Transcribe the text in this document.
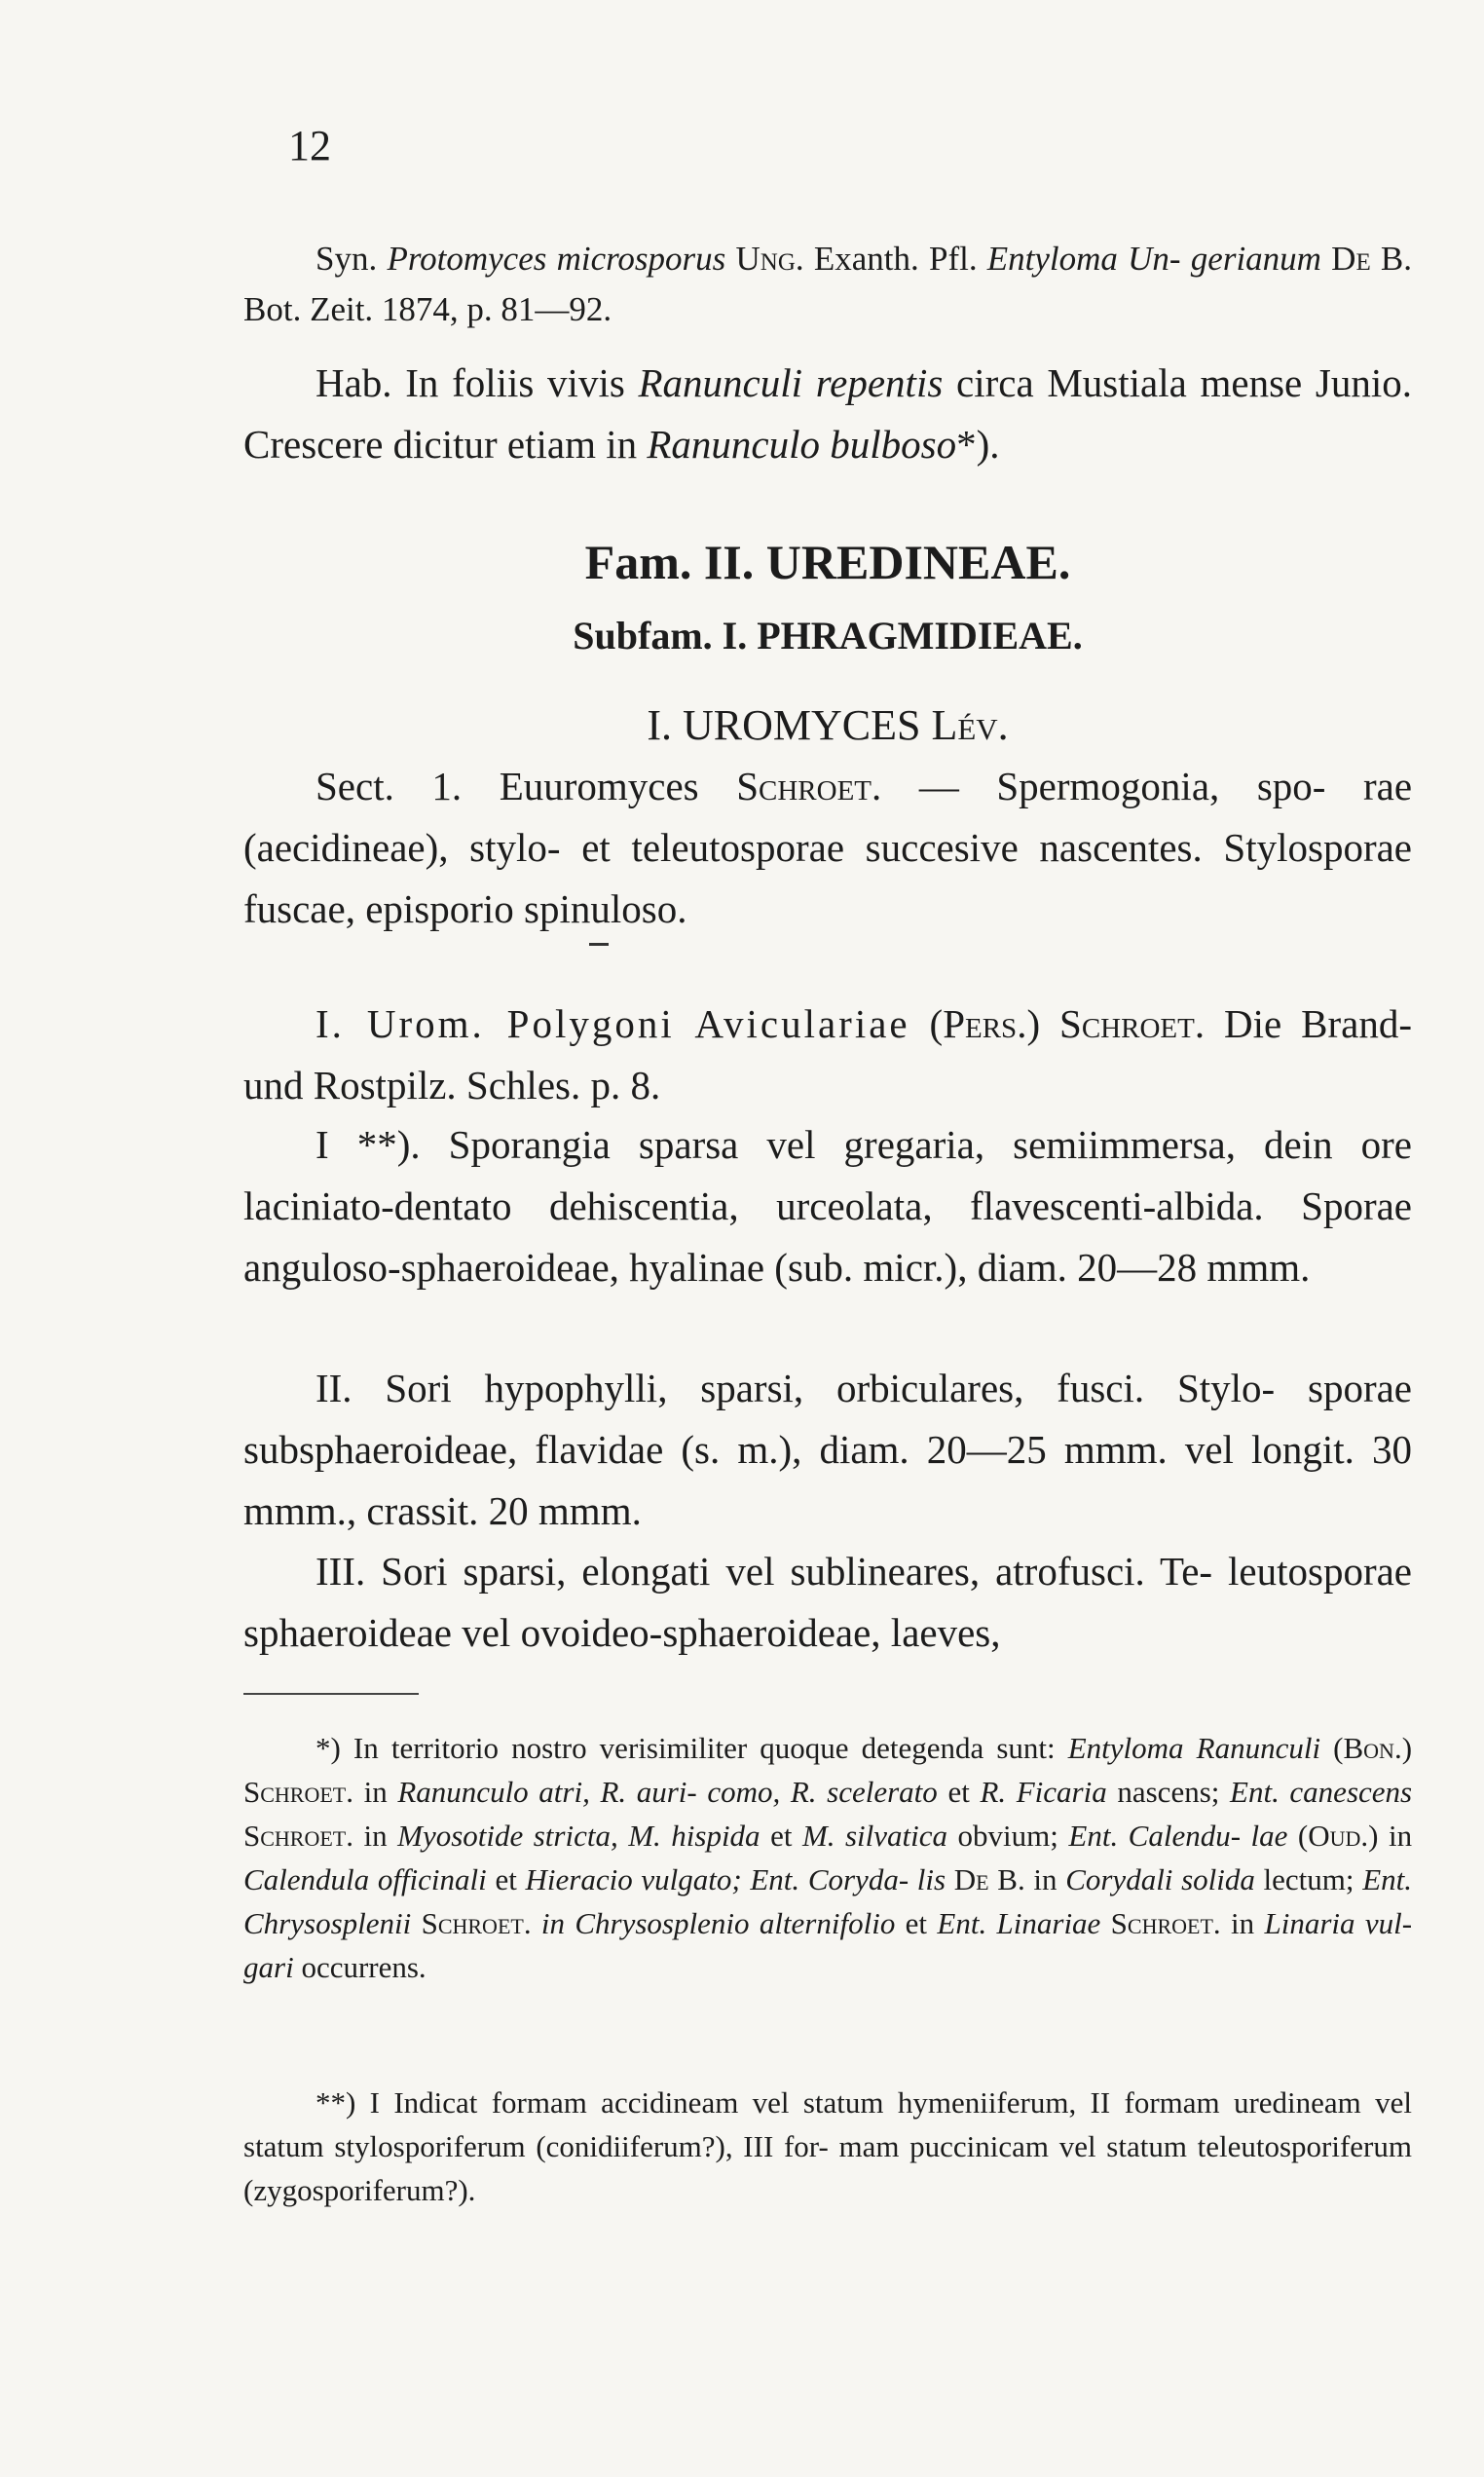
12
Syn. Protomyces microsporus Ung. Exanth. Pfl. Entyloma Un- gerianum De B. Bot. Zeit. 1874, p. 81—92.
Hab. In foliis vivis Ranunculi repentis circa Mustiala mense Junio. Crescere dicitur etiam in Ranunculo bulboso*).
Fam. II. UREDINEAE.
Subfam. I. PHRAGMIDIEAE.
I. UROMYCES Lév.
Sect. 1. Euuromyces Schroet. — Spermogonia, spo- rae (aecidineae), stylo- et teleutosporae succesive nascentes. Stylosporae fuscae, episporio spinuloso.
I. Urom. Polygoni Aviculariae (Pers.) Schroet. Die Brand- und Rostpilz. Schles. p. 8.
I **). Sporangia sparsa vel gregaria, semiimmersa, dein ore laciniato-dentato dehiscentia, urceolata, flavescenti-albida. Sporae anguloso-sphaeroideae, hyalinae (sub. micr.), diam. 20—28 mmm.
II. Sori hypophylli, sparsi, orbiculares, fusci. Stylo- sporae subsphaeroideae, flavidae (s. m.), diam. 20—25 mmm. vel longit. 30 mmm., crassit. 20 mmm.
III. Sori sparsi, elongati vel sublineares, atrofusci. Te- leutosporae sphaeroideae vel ovoideo-sphaeroideae, laeves,
*) In territorio nostro verisimiliter quoque detegenda sunt: Entyloma Ranunculi (Bon.) Schroet. in Ranunculo atri, R. auri- como, R. scelerato et R. Ficaria nascens; Ent. canescens Schroet. in Myosotide stricta, M. hispida et M. silvatica obvium; Ent. Calendu- lae (Oud.) in Calendula officinali et Hieracio vulgato; Ent. Coryda- lis De B. in Corydali solida lectum; Ent. Chrysosplenii Schroet. in Chrysosplenio alternifolio et Ent. Linariae Schroet. in Linaria vul- gari occurrens.
**) I Indicat formam accidineam vel statum hymeniiferum, II formam uredineam vel statum stylosporiferum (conidiiferum?), III for- mam puccinicam vel statum teleutosporiferum (zygosporiferum?).
